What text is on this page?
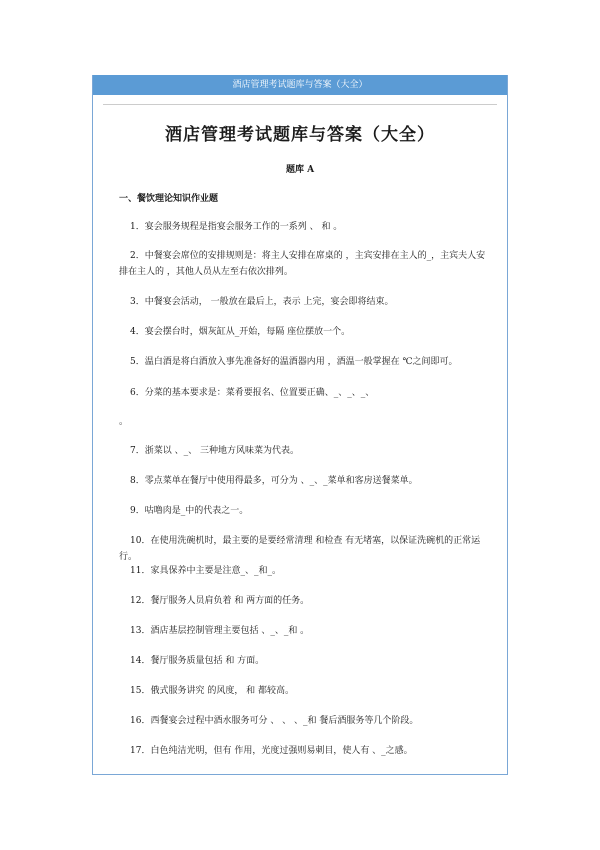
酒店管理考试题库与答案（大全）
酒店管理考试题库与答案（大全）
题库 A
一、餐饮理论知识作业题
1．宴会服务规程是指宴会服务工作的一系列 、 和 。
2．中餐宴会席位的安排规则是：将主人安排在席桌的 ，主宾安排在主人的_，主宾夫人安排在主人的 ，其他人员从左至右依次排列。
3．中餐宴会活动， 一般放在最后上，表示 上完，宴会即将结束。
4．宴会摆台时，烟灰缸从_开始，每隔 座位摆放一个。
5．温白酒是将白酒放入事先准备好的温酒器内用 ，酒温一般掌握在 ℃之间即可。
6．分菜的基本要求是：菜肴要报名、位置要正确、_、_、_、
。
7．浙菜以 、_、 三种地方风味菜为代表。
8．零点菜单在餐厅中使用得最多，可分为 、_、_菜单和客房送餐菜单。
9．咕噜肉是_中的代表之一。
10．在使用洗碗机时，最主要的是要经常清理 和检查 有无堵塞，以保证洗碗机的正常运行。
11．家具保养中主要是注意_、_和_。
12．餐厅服务人员肩负着 和 两方面的任务。
13．酒店基层控制管理主要包括 、_、_和 。
14．餐厅服务质量包括 和 方面。
15．俄式服务讲究 的风度， 和 都较高。
16．西餐宴会过程中酒水服务可分 、 、 、_和 餐后酒服务等几个阶段。
17．白色纯洁光明，但有 作用，光度过强则易刺目，使人有 、_之感。
